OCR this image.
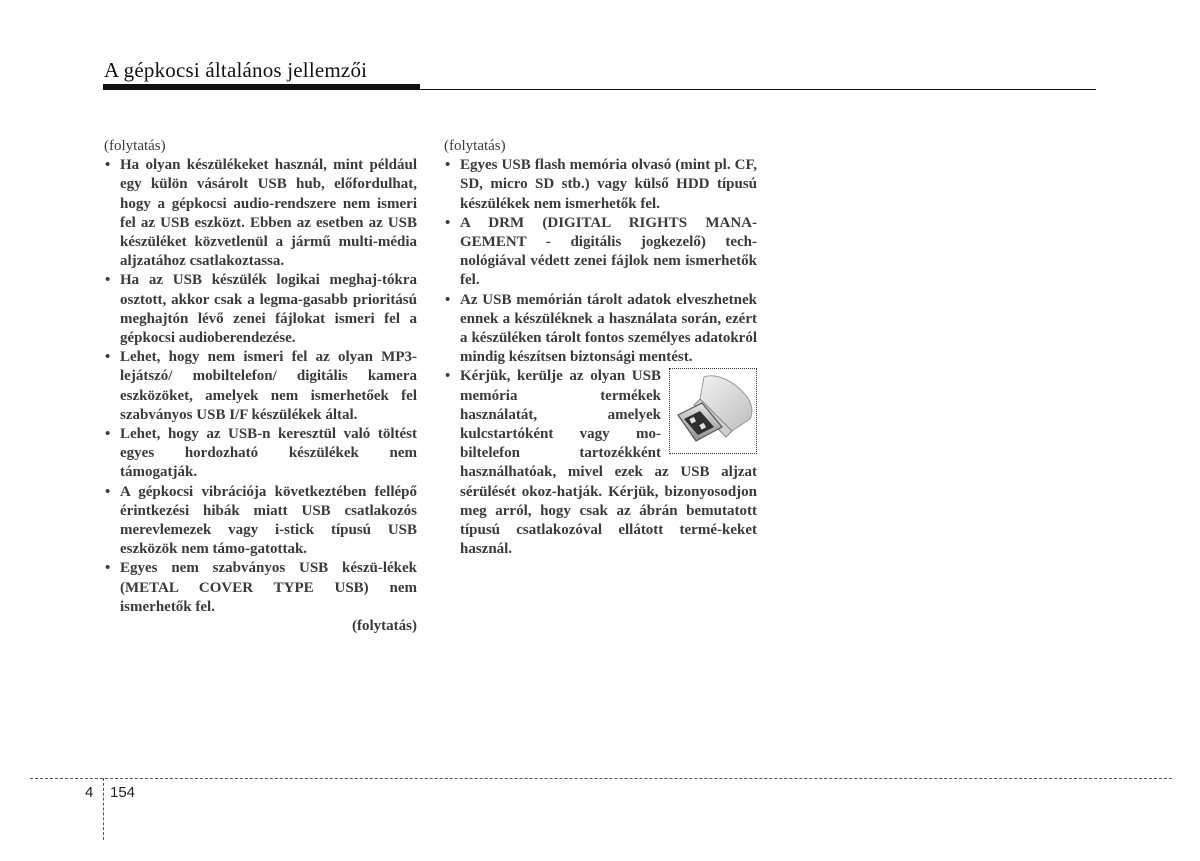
A gépkocsi általános jellemzői
(folytatás)
• Ha olyan készülékeket használ, mint például egy külön vásárolt USB hub, előfordulhat, hogy a gépkocsi audio-rendszere nem ismeri fel az USB eszközt. Ebben az esetben az USB készüléket közvetlenül a jármű multi-média aljzatához csatlakoztassa.
• Ha az USB készülék logikai meghaj-tókra osztott, akkor csak a legma-gasabb prioritású meghajtón lévő zenei fájlokat ismeri fel a gépkocsi audioberendezése.
• Lehet, hogy nem ismeri fel az olyan MP3-lejátszó/ mobiltelefon/ digitális kamera eszközöket, amelyek nem ismerhetőek fel szabványos USB I/F készülékek által.
• Lehet, hogy az USB-n keresztül való töltést egyes hordozható készülékek nem támogatják.
• A gépkocsi vibrációja következtében fellépő érintkezési hibák miatt USB csatlakozós merevlemezek vagy i-stick típusú USB eszközök nem támo-gatottak.
• Egyes nem szabványos USB készü-lékek (METAL COVER TYPE USB) nem ismerhetők fel.
(folytatás)
(folytatás)
• Egyes USB flash memória olvasó (mint pl. CF, SD, micro SD stb.) vagy külső HDD típusú készülékek nem ismerhetők fel.
• A DRM (DIGITAL RIGHTS MANA-GEMENT - digitális jogkezelő) tech-nológiával védett zenei fájlok nem ismerhetők fel.
• Az USB memórián tárolt adatok elveszhetnek ennek a készüléknek a használata során, ezért a készüléken tárolt fontos személyes adatokról mindig készítsen biztonsági mentést.
• Kérjük, kerülje az olyan USB memória termékek használatát, amelyek kulcstartóként vagy mo-biltelefon tartozékként használhatóak, mivel ezek az USB aljzat sérülését okoz-hatják. Kérjük, bizonyosodjon meg arról, hogy csak az ábrán bemutatott típusú csatlakozóval ellátott termé-keket használ.
4 154
